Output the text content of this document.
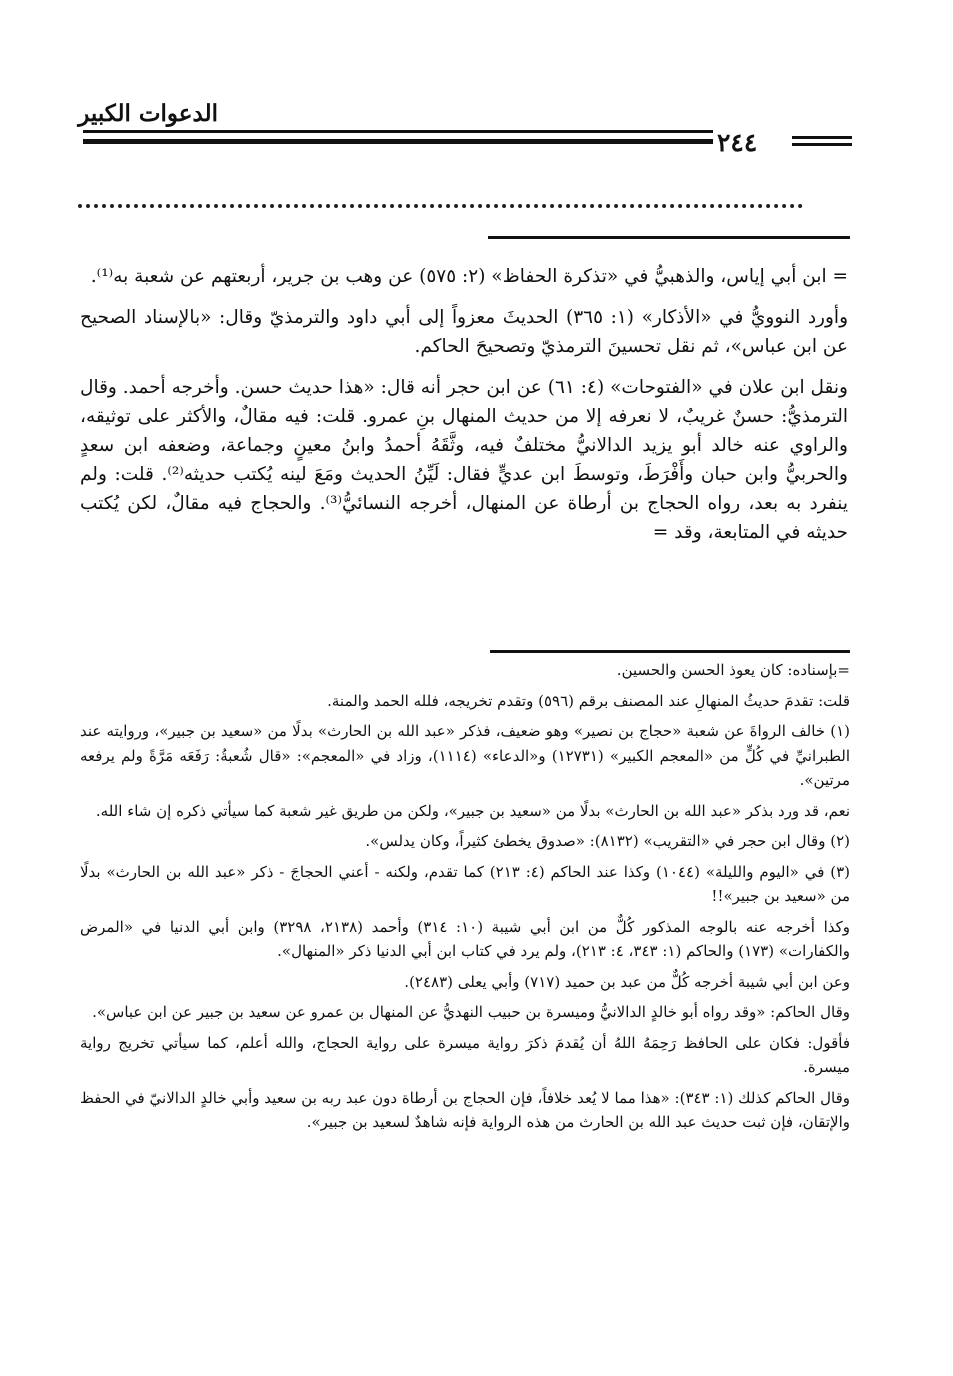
الدعوات الكبير
٢٤٤

= ابن أبي إياس، والذهبيُّ في «تذكرة الحفاظ» (٢: ٥٧٥) عن وهب بن جرير، أربعتهم عن شعبة به⁽¹⁾.

وأورد النوويُّ في «الأذكار» (١: ٣٦٥) الحديثَ معزواً إلى أبي داود والترمذيّ وقال: «بالإسناد الصحيح عن ابن عباس»، ثم نقل تحسينَ الترمذيّ وتصحيحَ الحاكم.

ونقل ابن علان في «الفتوحات» (٤: ٦١) عن ابن حجر أنه قال: «هذا حديث حسن. وأخرجه أحمد. وقال الترمذيُّ: حسنٌ غريبٌ، لا نعرفه إلا من حديث المنهال بنِ عمرو. قلت: فيه مقالٌ، والأكثر على توثيقه، والراوي عنه خالد أبو يزيد الدالانيُّ مختلفٌ فيه، وثَّقَهُ أحمدُ وابنُ معينٍ وجماعة، وضعفه ابن سعدٍ والحربيُّ وابن حبان وأَفْرَطَ، وتوسطَ ابن عديٍّ فقال: لَيِّنُ الحديث ومَعَ لينه يُكتب حديثه⁽²⁾. قلت: ولم ينفرد به بعد، رواه الحجاج بن أرطاة عن المنهال، أخرجه النسائيُّ⁽³⁾. والحجاج فيه مقالٌ، لكن يُكتب حديثه في المتابعة، وقد =

=بإسناده: كان يعوذ الحسن والحسين.

قلت: تقدمَ حديثُ المنهالِ عند المصنف برقم (٥٩٦) وتقدم تخريجه، فلله الحمد والمنة.

(١) خالف الرواةَ عن شعبة «حجاج بن نصير» وهو ضعيف، فذكر «عبد الله بن الحارث» بدلًا من «سعيد بن جبير»، وروايته عند الطبرانيِّ في كُلٍّ من «المعجم الكبير» (١٢٧٣١) و«الدعاء» (١١١٤)، وزاد في «المعجم»: «قال شُعبةُ: رَفَعَه مَرَّةً ولم يرفعه مرتين».

نعم، قد ورد بذكر «عبد الله بن الحارث» بدلًا من «سعيد بن جبير»، ولكن من طريق غير شعبة كما سيأتي ذكره إن شاء الله.

(٢) وقال ابن حجر في «التقريب» (٨١٣٢): «صدوق يخطئ كثيراً، وكان يدلس».

(٣) في «اليوم والليلة» (١٠٤٤) وكذا عند الحاكم (٤: ٢١٣) كما تقدم، ولكنه - أعني الحجاجَ - ذكر «عبد الله بن الحارث» بدلًا من «سعيد بن جبير»!!

وكذا أخرجه عنه بالوجه المذكور كُلٌّ من ابن أبي شيبة (١٠: ٣١٤) وأحمد (٢١٣٨، ٣٢٩٨) وابن أبي الدنيا في «المرض والكفارات» (١٧٣) والحاكم (١: ٣٤٣، ٤: ٢١٣)، ولم يرد في كتاب ابن أبي الدنيا ذكر «المنهال».

وعن ابن أبي شيبة أخرجه كُلٌّ من عبد بن حميد (٧١٧) وأبي يعلى (٢٤٨٣).

وقال الحاكم: «وقد رواه أبو خالدٍ الدالانيُّ وميسرة بن حبيب النهديُّ عن المنهال بن عمرو عن سعيد بن جبير عن ابن عباس».

فأقول: فكان على الحافظ رَحِمَهُ اللهُ أن يُقدمَ ذكرَ رواية ميسرة على رواية الحجاج، والله أعلم، كما سيأتي تخريج رواية ميسرة.

وقال الحاكم كذلك (١: ٣٤٣): «هذا مما لا يُعد خلافاً، فإن الحجاج بن أرطاة دون عبد ربه بن سعيد وأبي خالدٍ الدالانيّ في الحفظ والإتقان، فإن ثبت حديث عبد الله بن الحارث من هذه الرواية فإنه شاهدٌ لسعيد بن جبير».
